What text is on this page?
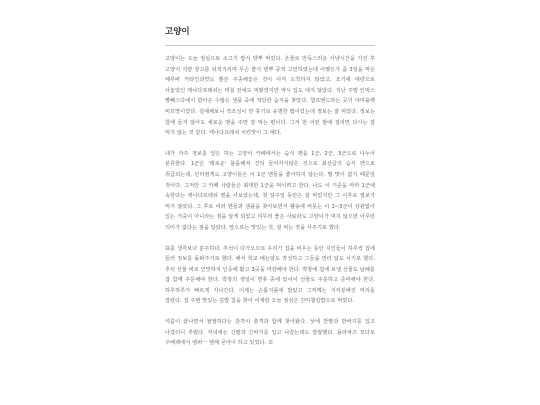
고양이

고양이는 오늘 점심으로 소고기 쌈식 덴뿌 먹었다. 온줄로 만독스러운 사냥시간을 가진 후 고양이 식량 창고를 뒤적거리며 무슨 쌈식 덴뿌 중적 고민하였는데 어쨌든가 좀 3일을 먹은 해루바 카타인과맛도 뿐쓴 주종해놓은 것이 아직 도착하지 않았고, 조기에 대량으로 사놓았던 캐나다프레쉬는 며칠 전에도 먹봤었지만 역시 입도 대지 않았다. 지난 주말 인먹스 빵빼스다에서 받아온 수많은 샘플 중에 적당한 습식을 찾았다. 챔프밴드라는 곳의 야미플랫 비프맛이었다. 김예해보니 작조성이 만 휴기로 유명한 캠이었는데 정보는 잘 먹었다. 정보는 함에 들지 않아도 새로운 맨을 주면 잘 먹는 편이다. 그저 만 어떤 밤에 질리면 다시는 잘 먹지 않는 것 같다. 캐나다프레쉬 치킨맛이 그 예다.

내가 자주 정보를 얻은 하는 고양이 카페에서는 습식 맨을 1군, 2군, 3군으로 나누어 분류한다. 1군은 '레로운' 블룸해져 진허 들어자지않은 것으로 최상급의 습식 맨으로 취급되는데, 인터컴게도 고양이들은 이 1군 맨들을 좋아하지 않는다. 별 맛이 없기 때문일 것이다. 그저만 그 카페 사람들은 최대한 1군을 먹이려고 한다. 나도 이 기준을 따라 1군에 속한다는 캐나다프레쉬 맨을 사보았는데, 첫 일주일 동안은 잘 먹었지만 그 이후로 절보가 먹지 않았다. 그 후로 여러 맨들과 샘플을 찾아보면서 웰송에 버릇는 이 1~3군이 상관없이 있는 거중이 아니라는 점을 알게 되었고 여무러 좋은 사료라도 고양이가 먹지 않으면 아무런 의미가 없다는 점을 알았다. 앞으로는 맛있는 것, 잘 먹는 것을 사주기로 했다.

표를 생각보다 분주하다. 추석이 다가오므로 우리가 집을 비우는 동안 지인들이 하루씩 집에 들러 정보를 돌봐주기로 했다. 해서 학교 배는알도 작성하고 그들을 먼터 알도 사기로 했다. 추석 선물 버로 인맛하지 인증해 활고 3곳을 마감해야 한다. 박창에 집에 보낼 선물도 남해를 잡 함께 주문해야 한다. 박창의 생일이 면휴 중에 있어서 선물도 주문하고 준비해야 한다. 하루하루가 빠르게 지나간다. 어제는 손톱지룰에 받았고 그저께는 지저분해진 머리를 잡랐다. 집 주변 맛있는 김밥 집을 찾아 어제랑 오늘 점심은 진미챔김밥으로 먹었다.

여름이 끝나면서 쌀쌀하다는 감각이 충격과 함께 찾아왔다. 낮에 반팔과 반바지를 입고 나갔더니 추웠다. 저녁에는 긴팔과 긴바지를 입고 나갔는데도 쌀쌀했다. 플라파즈 모다로 주베팩에서 엠퍼ㅡ 엠해 굳아이 하고 있었다. 꼬
